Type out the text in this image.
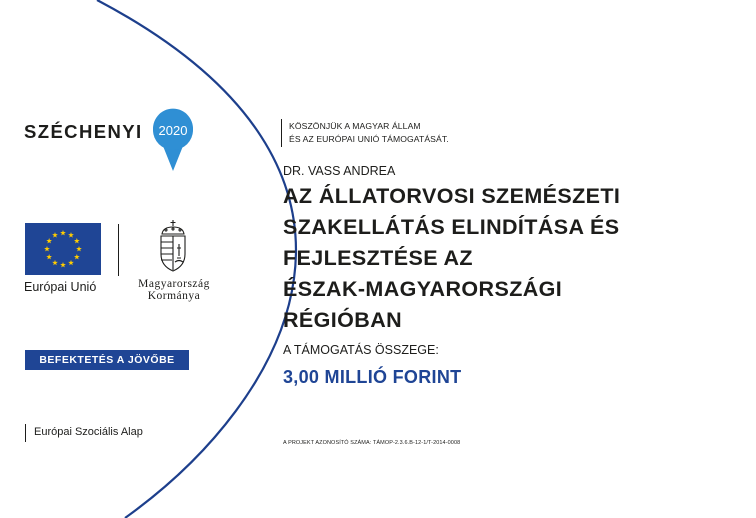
SZÉCHENYI 2020
Európai Unió	Magyarország
Kormánya
BEFEKTETÉS A JÖVŐBE
Európai Szociális Alap
KÖSZÖNJÜK A MAGYAR ÁLLAM
ÉS AZ EURÓPAI UNIÓ TÁMOGATÁSÁT.
DR. VASS ANDREA
AZ ÁLLATORVOSI SZEMÉSZETI
SZAKELLÁTÁS ELINDÍTÁSA ÉS
FEJLESZTÉSE AZ
ÉSZAK-MAGYARORSZÁGI
RÉGIÓBAN
A TÁMOGATÁS ÖSSZEGE:
3,00 MILLIÓ FORINT
A PROJEKT AZONOSÍTÓ SZÁMA: TÁMOP-2.3.6.B-12-1/T-2014-0008
